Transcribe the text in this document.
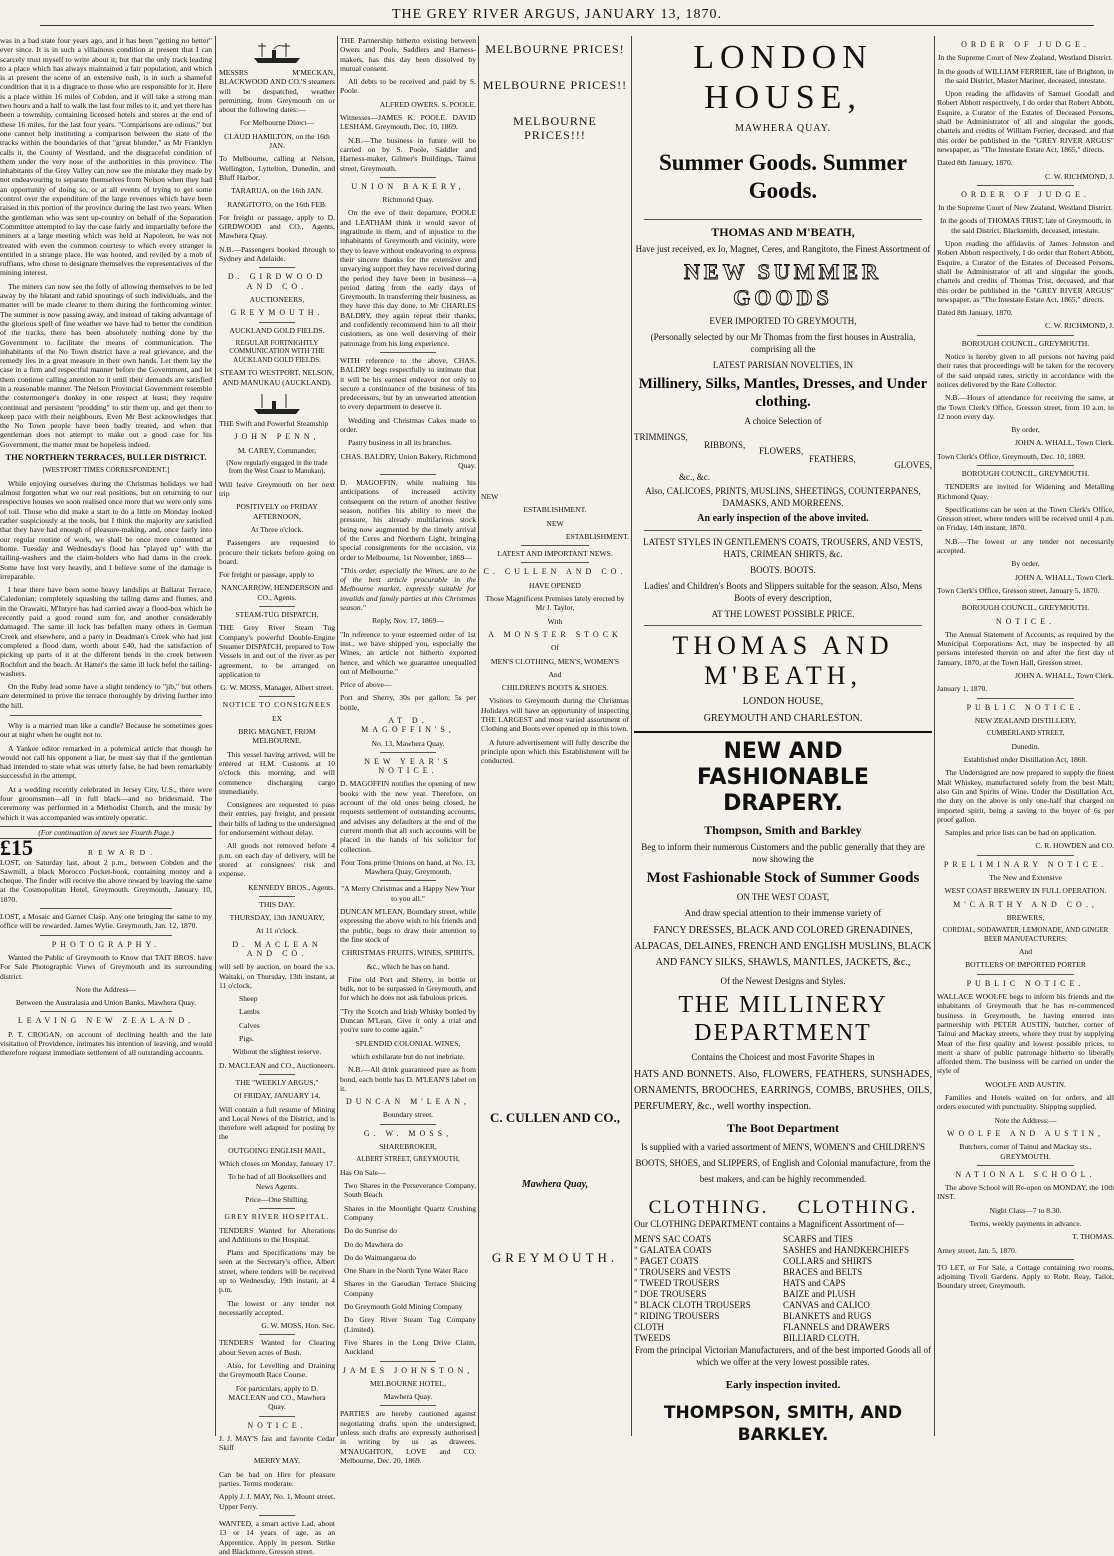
THE GREY RIVER ARGUS, JANUARY 13, 1870.

was in a bad state four years ago, and it has been "getting no better" ever since. It is in such a villainous condition at present that I can scarcely trust myself to write about it; but that the only track leading to a place which has always maintained a fair population, and which is at present the scene of an extensive rush, is in such a shameful condition that it is a disgrace to those who are responsible for it. Here is a place within 16 miles of Cobden, and it will take a strong man two hours and a half to walk the last four miles to it, and yet there has been a township, containing licensed hotels and stores at the end of these 16 miles, for the last four years. "Comparisons are odious," but one cannot help instituting a comparison between the state of the tracks within the boundaries of that "great blunder," as Mr Franklyn calls it, the County of Westland, and the disgraceful condition of them under the very nose of the authorities in this province. The inhabitants of the Grey Valley can now see the mistake they made by not endeavouring to separate themselves from Nelson when they had an opportunity of doing so, or at all events of trying to get some control over the expenditure of the large revenues which have been raised in this portion of the province during the last two years. When the gentleman who was sent up-country on behalf of the Separation Committee attempted to lay the case fairly and impartially before the miners at a large meeting which was held at Napoleon, he was not treated with even the common courtesy to which every stranger is entitled in a strange place. He was hooted, and reviled by a mob of ruffians, who chose to designate themselves the representatives of the mining interest.

The miners can now see the folly of allowing themselves to be led away by the blatant and rabid spoutings of such individuals, and the matter will be made clearer to them during the forthcoming winter. The summer is now passing away, and instead of taking advantage of the glorious spell of fine weather we have had to better the condition of the tracks, there has been absolutely nothing done by the Government to facilitate the means of communication. The inhabitants of the No Town district have a real grievance, and the remedy lies in a great measure in their own hands. Let them lay the case in a firm and respectful manner before the Government, and let them continue calling attention to it until their demands are satisfied in a reasonable manner. The Nelson Provincial Government resemble the costermonger's donkey in one respect at least; they require continual and persistent "prodding" to stir them up, and get them to keep pace with their neighbours. Even Mr Best acknowledges that the No Town people have been badly treated, and when that gentleman does not attempt to make out a good case for his Government, the matter must be hopeless indeed.

THE NORTHERN TERRACES, BULLER DISTRICT.

[WESTPORT TIMES CORRESPONDENT.]

While enjoying ourselves during the Christmas holidays we had almost forgotten what we our real positions, but on returning to our respective houses we soon realised once more that we were only sons of toil. Those who did make a start to do a little on Monday looked rather suspiciously at the tools, but I think the majority are satisfied that they have had enough of pleasure-making, and, once fairly into our regular routine of work, we shall be once more contented at home. Tuesday and Wednesday's flood has "played up" with the tailing-washers and the claim-holders who had dams in the creek. Some have lost very heavily, and I believe some of the damage is irreparable.

I hear there have been some heavy landslips at Ballarat Terrace, Caledonian; completely squashing the tailing dams and flumes, and in the Orawaiti, M'Intyre has had carried away a flood-box which he recently paid a good round sum for, and another considerably damaged. The same ill luck has befallen many others in German Creek and elsewhere, and a party in Deadman's Creek who had just completed a flood dam, worth about £40, had the satisfaction of picking up parts of it at the different bends in the creek between Rochfort and the beach. At Hatter's the same ill luck befel the tailing-washers.

On the Ruby lead some have a slight tendency to "jib," but others are determined to prove the terrace thoroughly by driving further into the hill.

Why is a married man like a candle? Because he sometimes goes out at night when he ought not to.

A Yankee editor remarked in a polemical article that though he would not call his opponent a liar, he must say that if the gentleman had intended to state what was utterly false, he had been remarkably successful in the attempt.

At a wedding recently celebrated in Jersey City, U.S., there were four groomsmen—all in full black—and no bridesmaid. The ceremony was performed in a Methodist Church, and the music by which it was accompanied was entirely operatic.

(For continuation of news see Fourth Page.)

£15	REWARD.

LOST, on Saturday last, about 2 p.m., between Cobden and the Sawmill, a black Morocco Pocket-book, containing money and a cheque. The finder will receive the above reward by leaving the same at the Cosmopolitan Hotel, Greymouth. Greymouth, January 10, 1870.

LOST, a Mosaic and Garnet Clasp. Any one bringing the same to my office will be rewarded. James Wylie. Greymouth, Jan. 12, 1870.

PHOTOGRAPHY.

Wanted the Public of Greymouth to Know that TAIT BROS. have For Sale Photographic Views of Greymouth and its surrounding district.

Note the Address—

Between the Australasia and Union Banks, Mawhera Quay.

LEAVING NEW ZEALAND.

P. T. CROGAN, on account of declining health and the late visitation of Providence, intimates his intention of leaving, and would therefore request immediate settlement of all outstanding accounts.

MESSRS M'MECKAN, BLACKWOOD AND CO.'S steamers will be despatched, weather permitting, from Greymouth on or about the following dates:—

For Melbourne Direct—

CLAUD HAMILTON, on the 16th JAN.

To Melbourne, calling at Nelson, Wellington, Lyttelton, Dunedin, and Bluff Harbor,

TARARUA, on the 16th JAN.

RANGITOTO, on the 16th FEB.

For freight or passage, apply to D. GIRDWOOD and CO., Agents, Mawhera Quay.

N.B.—Passengers booked through to Sydney and Adelaide.

D. GIRDWOOD AND CO.

AUCTIONEERS,

GREYMOUTH.

AUCKLAND GOLD FIELDS.

REGULAR FORTNIGHTLY COMMUNICATION WITH THE AUCKLAND GOLD FIELDS.

STEAM TO WESTPORT, NELSON, AND MANUKAU (AUCKLAND).

THE Swift and Powerful Steamship

JOHN PENN,

M. CAREY, Commander,

(Now regularly engaged in the trade from the West Coast to Manukau),

Will leave Greymouth on her next trip

POSITIVELY on FRIDAY AFTERNOON,

At Three o'clock.

Passengers are requested to procure their tickets before going on board.

For freight or passage, apply to

NANCARROW, HENDERSON and CO., Agents.

STEAM-TUG DISPATCH,

THE Grey River Steam Tug Company's powerful Double-Engine Steamer DISPATCH, prepared to Tow Vessels in and out of the river as per agreement, to be arranged on application to

G. W. MOSS, Manager, Albert street.

NOTICE TO CONSIGNEES

EX

BRIG MAGNET, FROM MELBOURNE.

This vessel having arrived, will be entered at H.M. Customs at 10 o'clock this morning, and will commence discharging cargo immediately.

Consignees are requested to pass their entries, pay freight, and present their bills of lading to the undersigned for endorsement without delay.

All goods not removed before 4 p.m. on each day of delivery, will be stored at consignees' risk and expense.

KENNEDY BROS., Agents.

THIS DAY.

THURSDAY, 13th JANUARY,

At 11 o'clock.

D. MACLEAN AND CO.

will sell by auction, on board the s.s. Waitaki, on Thursday, 13th instant, at 11 o'clock,

Sheep

Lambs

Calves

Pigs.

Without the slightest reserve.

D. MACLEAN and CO., Auctioneers.

THE "WEEKLY ARGUS,"

Of FRIDAY, JANUARY 14,

Will contain a full resume of Mining and Local News of the District, and is therefore well adapted for posting by the

OUTGOING ENGLISH MAIL,

Which closes on Monday, January 17.

To be had of all Booksellers and News Agents.

Price—One Shilling.

GREY RIVER HOSPITAL.

TENDERS Wanted for Alterations and Additions to the Hospital.

Plans and Specifications may be seen at the Secretary's office, Albert street, where tenders will be received up to Wednesday, 19th instant, at 4 p.m.

The lowest or any tender not necessarily accepted.

G. W. MOSS, Hon. Sec.

TENDERS Wanted for Clearing about Seven acres of Bush.

Also, for Levelling and Draining the Greymouth Race Course.

For particulars, apply to D. MACLEAN and CO., Mawhera Quay.

NOTICE.

J. J. MAY'S fast and favorite Cedar Skiff

MERRY MAY,

Can be had on Hire for pleasure parties. Terms moderate.

Apply J. J. MAY, No. 1, Mount street, Upper Ferry.

WANTED, a smart active Lad, about 13 or 14 years of age, as an Apprentice. Apply in person. Strike and Blackmore, Gresson street.

THE Partnership hitherto existing between Owers and Poole, Saddlers and Harness-makers, has this day been dissolved by mutual consent.

All debts to be received and paid by S. Poole.

ALFRED OWERS. S. POOLE.

Witnesses—JAMES K. POOLE. DAVID LESHAM. Greymouth, Dec. 10, 1869.

N.B.—The business in future will be carried on by S. Poole, Saddler and Harness-maker, Gilmer's Buildings, Tainui street, Greymouth.

UNION BAKERY,

Richmond Quay.

On the eve of their departure, POOLE and LEATHAM think it would savor of ingratitude in them, and of injustice to the inhabitants of Greymouth and vicinity, were they to leave without endeavoring to express their sincere thanks for the extensive and unvarying support they have received during the period they have been in business—a period dating from the early days of Greymouth. In transferring their business, as they have this day done, to Mr CHARLES BALDRY, they again repeat their thanks, and confidently recommend him to all their customers, as one well deserving of their patronage from his long experience.

WITH reference to the above, CHAS. BALDRY begs respectfully to intimate that it will be his earnest endeavor not only to secure a continuance of the business of his predecessors, but by an unwearied attention to every department to deserve it.

Wedding and Christmas Cakes made to order.

Pastry business in all its branches.

CHAS. BALDRY, Union Bakery, Richmond Quay.

D. MAGOFFIN, while realising his anticipations of increased activity consequent on the return of another festive season, notifies his ability to meet the pressure, his already multifarious stock being now augmented by the timely arrival of the Ceres and Northern Light, bringing special consignments for the occasion, viz order to Melbourne, 1st November, 1869—

"This order, especially the Wines, are to be of the best article procurable in the Melbourne market, expressly suitable for invalids and family parties at this Christmas season."

Reply, Nov. 17, 1869—

"In reference to your esteemed order of 1st inst., we have shipped you, especially the Wines, an article not hitherto exported hence, and which we guarantee unequalled out of Melbourne."

Price of above—

Port and Sherry, 30s per gallon; 5s per bottle,

AT D. MAGOFFIN'S,

No. 13, Mawhera Quay.

NEW YEAR'S NOTICE.

D. MAGOFFIN notifies the opening of new books with the new year. Therefore, on account of the old ones being closed, he requests settlement of outstanding accounts, and advises any defaulters at the end of the current month that all such accounts will be placed in the hands of his solicitor for collection.

Four Tons prime Onions on hand, at No. 13, Mawhera Quay, Greymouth.

"A Merry Christmas and a Happy New Year to you all."

DUNCAN M'LEAN, Boundary street, while expressing the above wish to his friends and the public, begs to draw their attention to the fine stock of

CHRISTMAS FRUITS, WINES, SPIRITS,

&c., which he has on hand.

Fine old Port and Sherry, in bottle or bulk, not to be surpassed in Greymouth, and for which he does not ask fabulous prices.

"Try the Scotch and Irish Whisky bottled by Duncan M'Lean, Give it only a trial and you're sure to come again."

SPLENDID COLONIAL WINES,

which exhilarate but do not inebriate.

N.B.—All drink guaranteed pure as from bond, each bottle has D. M'LEAN'S label on it.

DUNCAN M'LEAN,

Boundary street.

G. W. MOSS,

SHAREBROKER,

ALBERT STREET, GREYMOUTH,

Has On Sale—

Two Shares in the Perseverance Company, South Beach

Shares in the Moonlight Quartz Crushing Company

Do do Sunrise do

Do do Mawhera do

Do do Waimangaroa do

One Share in the North Tyne Water Race

Shares in the Gaeudian Terrace Sluicing Company

Do Greymouth Gold Mining Company

Do Grey River Steam Tug Company (Limited).

Five Shares in the Long Drive Claim, Auckland

JAMES JOHNSTON,

MELBOURNE HOTEL,

Mawhera Quay.

PARTIES are hereby cautioned against negotiating drafts upon the undersigned, unless such drafts are expressly authorised in writing by us as drawees. M'NAUGHTON, LOVE and CO. Melbourne, Dec. 20, 1869.

MELBOURNE PRICES!

MELBOURNE PRICES!!

MELBOURNE PRICES!!!

NEW

ESTABLISHMENT.

NEW

ESTABLISHMENT.

LATEST AND IMPORTANT NEWS.

C. CULLEN AND CO.

HAVE OPENED

Those Magnificent Premises lately erected by Mr J. Taylor,

With

A MONSTER STOCK

Of

MEN'S CLOTHING, MEN'S, WOMEN'S

And

CHILDREN'S BOOTS & SHOES.

Visitors to Greymouth during the Christmas Holidays will have an opportunity of inspecting THE LARGEST and most varied assortment of Clothing and Boots ever opened up in this town.

A future advertisement will fully describe the principle upon which this Establishment will be conducted.

C. CULLEN AND CO.,

Mawhera Quay,

GREYMOUTH.

LONDON HOUSE,

MAWHERA QUAY.

Summer Goods. Summer Goods.

THOMAS AND M'BEATH,

Have just received, ex Io, Magnet, Ceres, and Rangitoto, the Finest Assortment of

NEW SUMMER GOODS

EVER IMPORTED TO GREYMOUTH,

(Personally selected by our Mr Thomas from the first houses in Australia, comprising all the

LATEST PARISIAN NOVELTIES, IN

Millinery, Silks, Mantles, Dresses, and Under clothing.

A choice Selection of

TRIMMINGS,
RIBBONS,
FLOWERS,
FEATHERS,
GLOVES,
&c., &c.

Also, CALICOES, PRINTS, MUSLINS, SHEETINGS, COUNTERPANES, DAMASKS, AND MORREENS.

An early inspection of the above invited.

LATEST STYLES IN GENTLEMEN'S COATS, TROUSERS, AND VESTS, HATS, CRIMEAN SHIRTS, &c.

BOOTS. BOOTS.

Ladies' and Children's Boots and Slippers suitable for the season. Also, Mens Boots of every description,

AT THE LOWEST POSSIBLE PRICE.

THOMAS AND M'BEATH,

LONDON HOUSE,

GREYMOUTH AND CHARLESTON.

NEW AND FASHIONABLE DRAPERY.

Thompson, Smith and Barkley

Beg to inform their numerous Customers and the public generally that they are now showing the

Most Fashionable Stock of Summer Goods

ON THE WEST COAST,

And draw special attention to their immense variety of

FANCY DRESSES, BLACK AND COLORED GRENADINES, ALPACAS, DELAINES, FRENCH AND ENGLISH MUSLINS, BLACK AND FANCY SILKS, SHAWLS, MANTLES, JACKETS, &c.,

Of the Newest Designs and Styles.

THE MILLINERY DEPARTMENT

Contains the Choicest and most Favorite Shapes in

HATS AND BONNETS. Also, FLOWERS, FEATHERS, SUNSHADES, ORNAMENTS, BROOCHES, EARRINGS, COMBS, BRUSHES, OILS, PERFUMERY, &c., well worthy inspection.

The Boot Department

Is supplied with a varied assortment of MEN'S, WOMEN'S and CHILDREN'S BOOTS, SHOES, and SLIPPERS, of English and Colonial manufacture, from the best makers, and can be highly recommended.

CLOTHING. CLOTHING.

Our CLOTHING DEPARTMENT contains a Magnificent Assortment of—

MEN'S SAC COATS
" GALATEA COATS
" PAGET COATS
" TROUSERS and VESTS
" TWEED TROUSERS
" DOE TROUSERS
" BLACK CLOTH TROUSERS
" RIDING TROUSERS
CLOTH
TWEEDS
SCARFS and TIES
SASHES and HANDKERCHIEFS
COLLARS and SHIRTS
BRACES and BELTS
HATS and CAPS
BAIZE and PLUSH
CANVAS and CALICO
BLANKETS and RUGS
FLANNELS and DRAWERS
BILLIARD CLOTH.

From the principal Victorian Manufacturers, and of the best imported Goods all of which we offer at the very lowest possible rates.

Early inspection invited.

THOMPSON, SMITH, AND BARKLEY.

ORDER OF JUDGE.

In the Supreme Court of New Zealand, Westland District.

In the goods of WILLIAM FERRIER, late of Brighton, in the said District, Master Mariner, deceased, intestate.

Upon reading the affidavits of Samuel Goodall and Robert Abbott respectively, I do order that Robert Abbott, Esquire, a Curator of the Estates of Deceased Persons, shall be Administrator of all and singular the goods, chattels and credits of William Ferrier, deceased, and that this order be published in the "GREY RIVER ARGUS" newspaper, as "The Intestate Estate Act, 1865," directs.

Dated 8th January, 1870.

C. W. RICHMOND, J.

ORDER OF JUDGE.

In the Supreme Court of New Zealand, Westland District.

In the goods of THOMAS TRIST, late of Greymouth, in the said District, Blacksmith, deceased, intestate.

Upon reading the affidavits of James Johnston and Robert Abbott respectively, I do order that Robert Abbott, Esquire, a Curator of the Estates of Deceased Persons, shall be Administrator of all and singular the goods, chattels and credits of Thomas Trist, deceased, and that this order be published in the "GREY RIVER ARGUS" newspaper, as "The Intestate Estate Act, 1865," directs.

Dated 8th January, 1870.

C. W. RICHMOND, J.

BOROUGH COUNCIL, GREYMOUTH.

Notice is hereby given to all persons not having paid their rates that proceedings will be taken for the recovery of the said unpaid rates, strictly in accordance with the notices delivered by the Rate Collector.

N.B.—Hours of attendance for receiving the same, at the Town Clerk's Office, Gresson street, from 10 a.m. to 12 noon every day.

By order,

JOHN A. WHALL, Town Clerk.

Town Clerk's Office, Greymouth, Dec. 10, 1869.

BOROUGH COUNCIL, GREYMOUTH.

TENDERS are invited for Widening and Metalling Richmond Quay.

Specifications can be seen at the Town Clerk's Office, Gresson street, where tenders will be received until 4 p.m. on Friday, 14th instant, 1870.

N.B.—The lowest or any tender not necessarily accepted.

By order,

JOHN A. WHALL, Town Clerk.

Town Clerk's Office, Gresson street, January 5, 1870.

BOROUGH COUNCIL, GREYMOUTH.

NOTICE.

The Annual Statement of Accounts, as required by the Municipal Corporations Act, may be inspected by all persons interested therein on and after the first day of January, 1870, at the Town Hall, Gresson street.

JOHN A. WHALL, Town Clerk.

January 1, 1870.

PUBLIC NOTICE.

NEW ZEALAND DISTILLERY,

CUMBERLAND STREET,

Dunedin.

Established under Distillation Act, 1868.

The Undersigned are now prepared to supply the finest Malt Whiskey, manufactured solely from the best Malt; also Gin and Spirits of Wine. Under the Distillation Act, the duty on the above is only one-half that charged on imported spirit, being a saving to the buyer of 6s per proof gallon.

Samples and price lists can be had on application.

C. R. HOWDEN and CO.

PRELIMINARY NOTICE.

The New and Extensive

WEST COAST BREWERY IN FULL OPERATION.

M'CARTHY AND CO.,

BREWERS,

CORDIAL, SODAWATER, LEMONADE, AND GINGER BEER MANUFACTURERS;

And

BOTTLERS OF IMPORTED PORTER

PUBLIC NOTICE.

WALLACE WOOLFE begs to inform his friends and the inhabitants of Greymouth that he has re-commenced business in Greymouth, he having entered into partnership with PETER AUSTIN, butcher, corner of Tainui and Mackay streets, where they trust by supplying Meat of the first quality and lowest possible prices, to merit a share of public patronage hitherto so liberally afforded them. The business will be carried on under the style of

WOOLFE AND AUSTIN.

Families and Hotels waited on for orders, and all orders executed with punctuality. Shipping supplied.

Note the Address:—

WOOLFE AND AUSTIN,

Butchers, corner of Tainui and Mackay sts., GREYMOUTH.

NATIONAL SCHOOL.

The above School will Re-open on MONDAY, the 10th INST.

Night Class—7 to 8.30.

Terms, weekly payments in advance.

T. THOMAS.

Arney street, Jan. 5, 1870.

TO LET, or For Sale, a Cottage containing two rooms, adjoining Tivoli Gardens. Apply to Robt. Reay, Tailor, Boundary street, Greymouth.
